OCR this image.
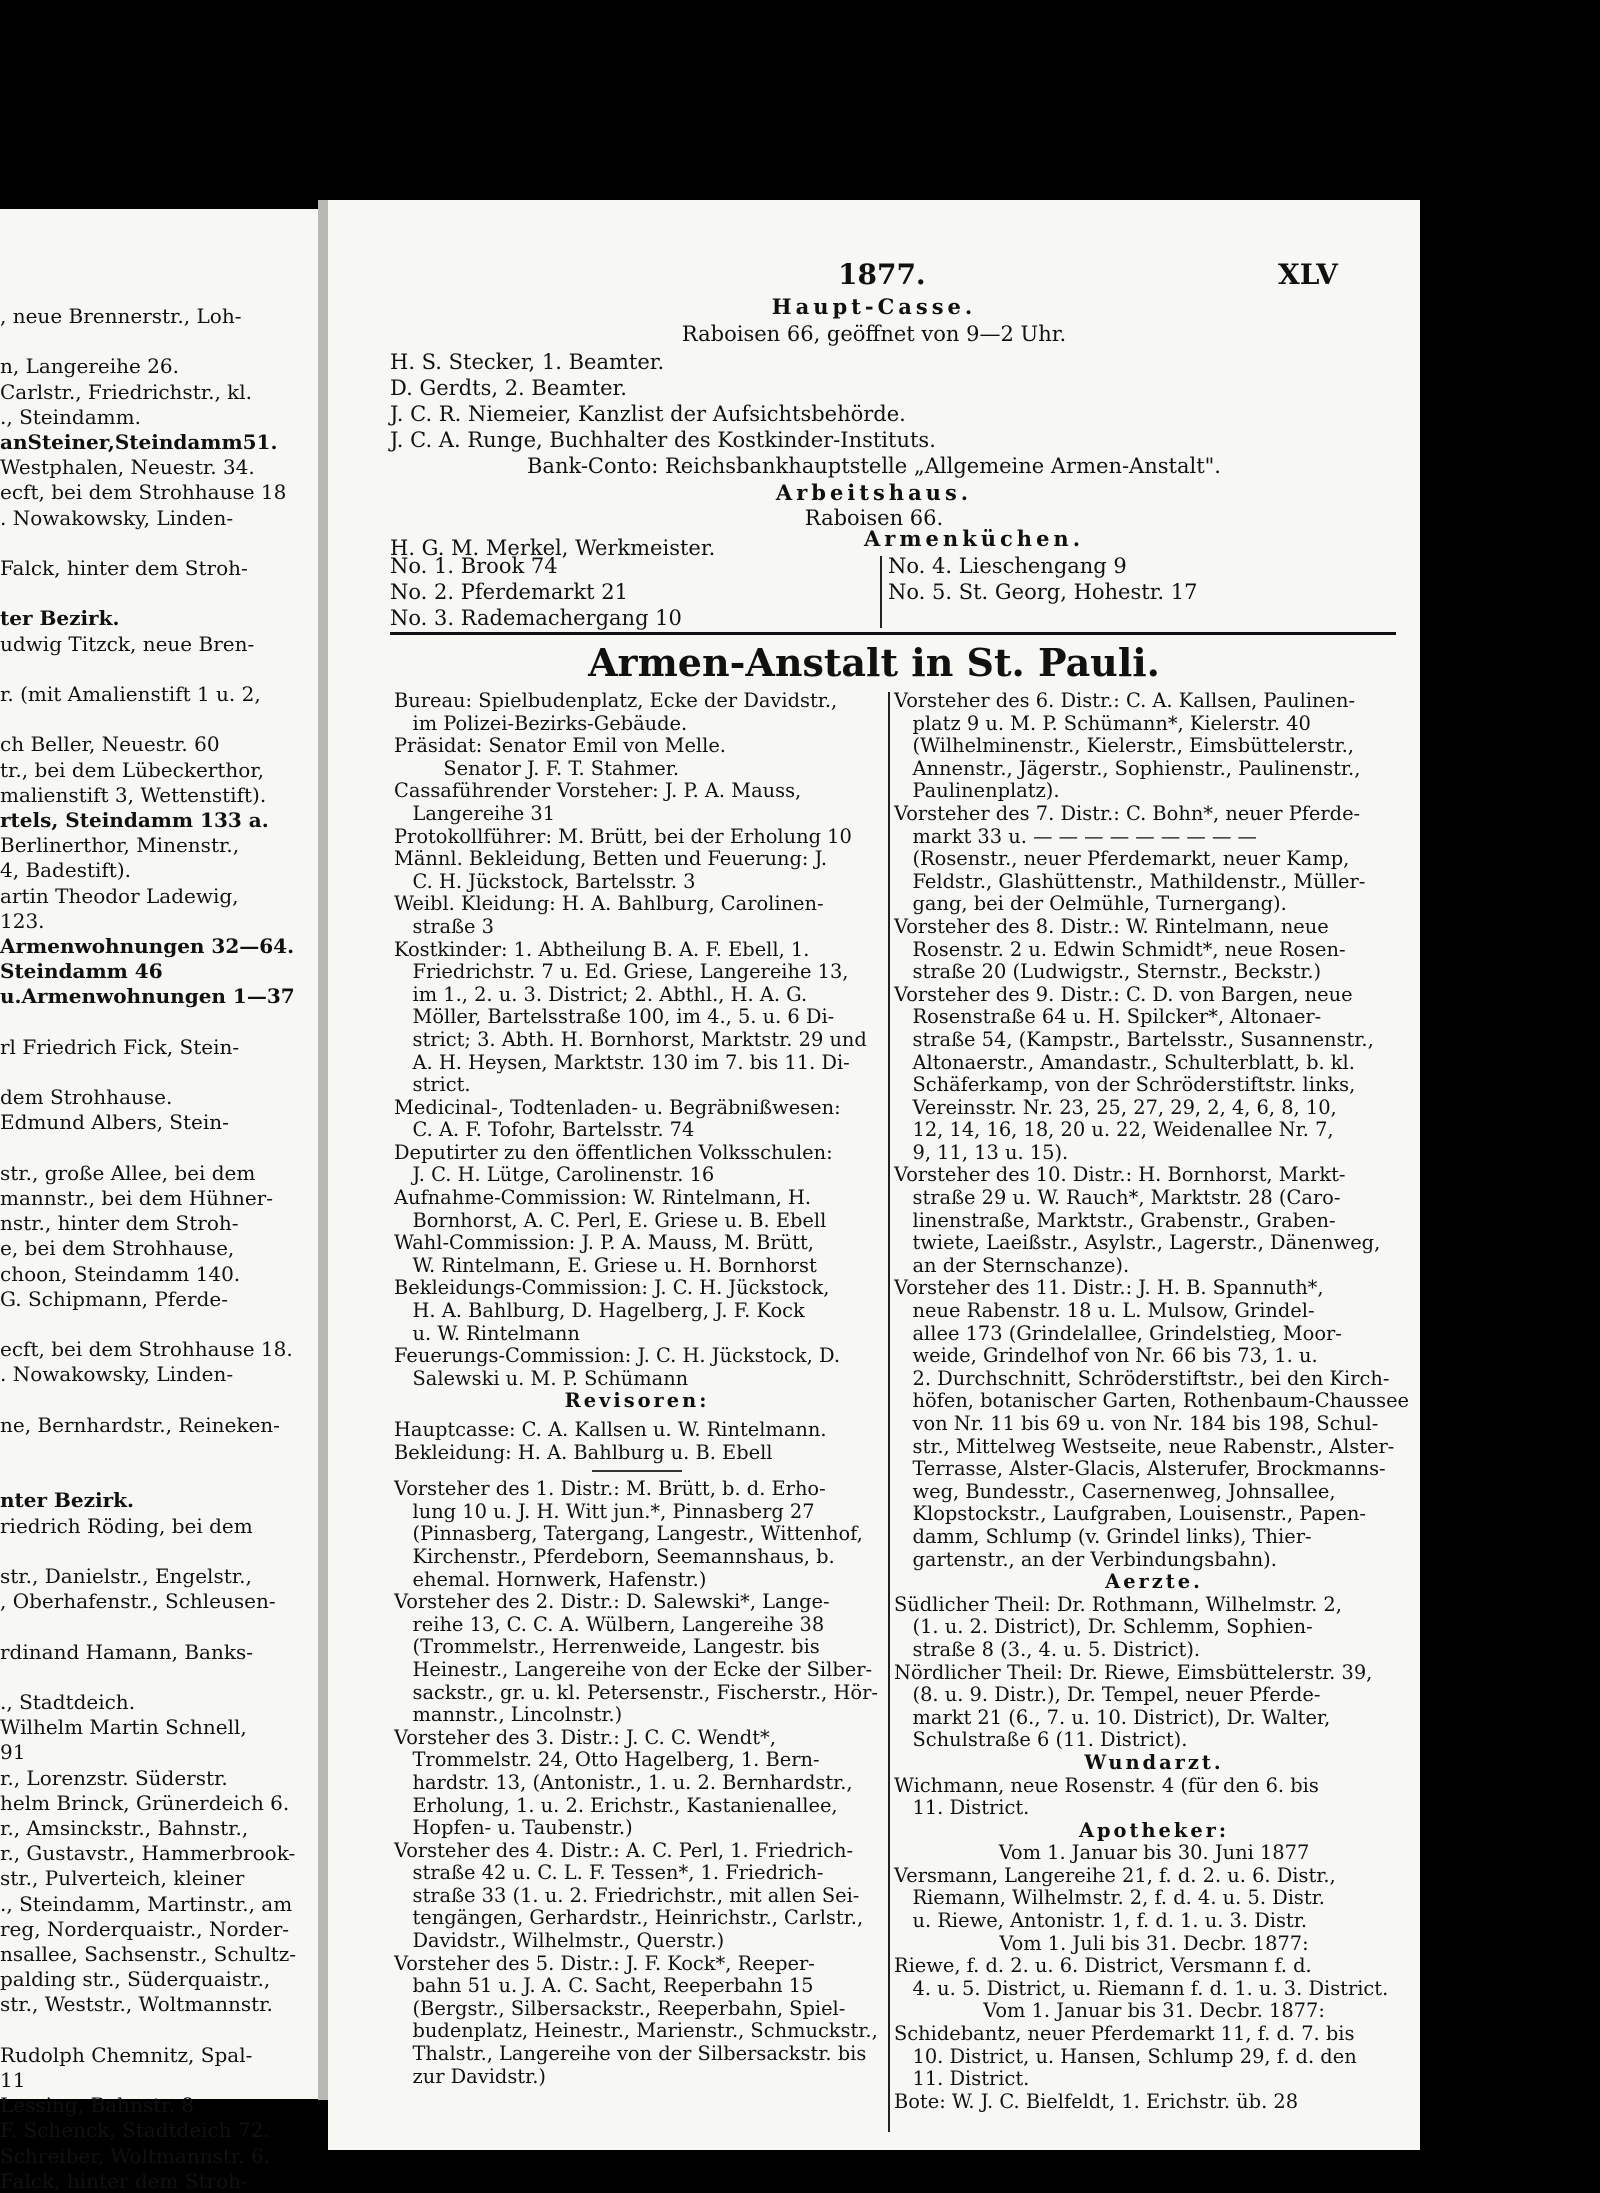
, neue Brennerstr., Loh-
n, Langereihe 26.
Carlstr., Friedrichstr., kl.
., Steindamm.
anSteiner,Steindamm51.
Westphalen, Neuestr. 34.
ecft, bei dem Strohhause 18
. Nowakowsky, Linden-
Falck, hinter dem Stroh-
ter Bezirk.
udwig Titzck, neue Bren-
r. (mit Amalienstift 1 u. 2,
ch Beller, Neuestr. 60
tr., bei dem Lübeckerthor,
malienstift 3, Wettenstift).
rtels, Steindamm 133 a.
Berlinerthor, Minenstr.,
4, Badestift).
artin Theodor Ladewig,
123.
Armenwohnungen 32—64.
Steindamm 46
u.Armenwohnungen 1—37
rl Friedrich Fick, Stein-
dem Strohhause.
Edmund Albers, Stein-
str., große Allee, bei dem
mannstr., bei dem Hühner-
nstr., hinter dem Stroh-
e, bei dem Strohhause,
choon, Steindamm 140.
G. Schipmann, Pferde-
ecft, bei dem Strohhause 18.
. Nowakowsky, Linden-
ne, Bernhardstr., Reineken-
nter Bezirk.
riedrich Röding, bei dem
str., Danielstr., Engelstr.,
, Oberhafenstr., Schleusen-
rdinand Hamann, Banks-
., Stadtdeich.
Wilhelm Martin Schnell,
91
r., Lorenzstr. Süderstr.
helm Brinck, Grünerdeich 6.
r., Amsinckstr., Bahnstr.,
r., Gustavstr., Hammerbrook-
str., Pulverteich, kleiner
., Steindamm, Martinstr., am
reg, Norderquaistr., Norder-
nsallee, Sachsenstr., Schultz-
palding str., Süderquaistr.,
str., Weststr., Woltmannstr.
Rudolph Chemnitz, Spal-
11
Lessing, Bahnstr. 8
F. Schenck, Stadtdeich 72.
Schreiber, Woltmannstr. 6.
Falck, hinter dem Stroh-
1877.	XLV
Haupt-Casse.
Raboisen 66, geöffnet von 9—2 Uhr.
H. S. Stecker, 1. Beamter.
D. Gerdts, 2. Beamter.
J. C. R. Niemeier, Kanzlist der Aufsichtsbehörde.
J. C. A. Runge, Buchhalter des Kostkinder-Instituts.
Bank-Conto: Reichsbankhauptstelle „Allgemeine Armen-Anstalt".
Arbeitshaus.
Raboisen 66.
H. G. M. Merkel, Werkmeister.	Armenküchen.
No. 1. Brook 74
No. 2. Pferdemarkt 21
No. 3. Rademachergang 10
No. 4. Lieschengang 9
No. 5. St. Georg, Hohestr. 17
Armen-Anstalt in St. Pauli.

Bureau: Spielbudenplatz, Ecke der Davidstr.,

im Polizei-Bezirks-Gebäude.

Präsidat: Senator Emil von Melle.

Senator J. F. T. Stahmer.

Cassaführender Vorsteher: J. P. A. Mauss,

Langereihe 31

Protokollführer: M. Brütt, bei der Erholung 10

Männl. Bekleidung, Betten und Feuerung: J.

C. H. Jückstock, Bartelsstr. 3

Weibl. Kleidung: H. A. Bahlburg, Carolinen-

straße 3

Kostkinder: 1. Abtheilung B. A. F. Ebell, 1.

Friedrichstr. 7 u. Ed. Griese, Langereihe 13,

im 1., 2. u. 3. District; 2. Abthl., H. A. G.

Möller, Bartelsstraße 100, im 4., 5. u. 6 Di-

strict; 3. Abth. H. Bornhorst, Marktstr. 29 und

A. H. Heysen, Marktstr. 130 im 7. bis 11. Di-

strict.

Medicinal-, Todtenladen- u. Begräbnißwesen:

C. A. F. Tofohr, Bartelsstr. 74

Deputirter zu den öffentlichen Volksschulen:

J. C. H. Lütge, Carolinenstr. 16

Aufnahme-Commission: W. Rintelmann, H.

Bornhorst, A. C. Perl, E. Griese u. B. Ebell

Wahl-Commission: J. P. A. Mauss, M. Brütt,

W. Rintelmann, E. Griese u. H. Bornhorst

Bekleidungs-Commission: J. C. H. Jückstock,

H. A. Bahlburg, D. Hagelberg, J. F. Kock

u. W. Rintelmann

Feuerungs-Commission: J. C. H. Jückstock, D.

Salewski u. M. P. Schümann

Revisoren:

Hauptcasse: C. A. Kallsen u. W. Rintelmann.

Bekleidung: H. A. Bahlburg u. B. Ebell

Vorsteher des 1. Distr.: M. Brütt, b. d. Erho-

lung 10 u. J. H. Witt jun.*, Pinnasberg 27

(Pinnasberg, Tatergang, Langestr., Wittenhof,

Kirchenstr., Pferdeborn, Seemannshaus, b.

ehemal. Hornwerk, Hafenstr.)

Vorsteher des 2. Distr.: D. Salewski*, Lange-

reihe 13, C. C. A. Wülbern, Langereihe 38

(Trommelstr., Herrenweide, Langestr. bis

Heinestr., Langereihe von der Ecke der Silber-

sackstr., gr. u. kl. Petersenstr., Fischerstr., Hör-

mannstr., Lincolnstr.)

Vorsteher des 3. Distr.: J. C. C. Wendt*,

Trommelstr. 24, Otto Hagelberg, 1. Bern-

hardstr. 13, (Antonistr., 1. u. 2. Bernhardstr.,

Erholung, 1. u. 2. Erichstr., Kastanienallee,

Hopfen- u. Taubenstr.)

Vorsteher des 4. Distr.: A. C. Perl, 1. Friedrich-

straße 42 u. C. L. F. Tessen*, 1. Friedrich-

straße 33 (1. u. 2. Friedrichstr., mit allen Sei-

tengängen, Gerhardstr., Heinrichstr., Carlstr.,

Davidstr., Wilhelmstr., Querstr.)

Vorsteher des 5. Distr.: J. F. Kock*, Reeper-

bahn 51 u. J. A. C. Sacht, Reeperbahn 15

(Bergstr., Silbersackstr., Reeperbahn, Spiel-

budenplatz, Heinestr., Marienstr., Schmuckstr.,

Thalstr., Langereihe von der Silbersackstr. bis

zur Davidstr.)

Vorsteher des 6. Distr.: C. A. Kallsen, Paulinen-

platz 9 u. M. P. Schümann*, Kielerstr. 40

(Wilhelminenstr., Kielerstr., Eimsbüttelerstr.,

Annenstr., Jägerstr., Sophienstr., Paulinenstr.,

Paulinenplatz).

Vorsteher des 7. Distr.: C. Bohn*, neuer Pferde-

markt 33 u. — — — — — — — — —

(Rosenstr., neuer Pferdemarkt, neuer Kamp,

Feldstr., Glashüttenstr., Mathildenstr., Müller-

gang, bei der Oelmühle, Turnergang).

Vorsteher des 8. Distr.: W. Rintelmann, neue

Rosenstr. 2 u. Edwin Schmidt*, neue Rosen-

straße 20 (Ludwigstr., Sternstr., Beckstr.)

Vorsteher des 9. Distr.: C. D. von Bargen, neue

Rosenstraße 64 u. H. Spilcker*, Altonaer-

straße 54, (Kampstr., Bartelsstr., Susannenstr.,

Altonaerstr., Amandastr., Schulterblatt, b. kl.

Schäferkamp, von der Schröderstiftstr. links,

Vereinsstr. Nr. 23, 25, 27, 29, 2, 4, 6, 8, 10,

12, 14, 16, 18, 20 u. 22, Weidenallee Nr. 7,

9, 11, 13 u. 15).

Vorsteher des 10. Distr.: H. Bornhorst, Markt-

straße 29 u. W. Rauch*, Marktstr. 28 (Caro-

linenstraße, Marktstr., Grabenstr., Graben-

twiete, Laeißstr., Asylstr., Lagerstr., Dänenweg,

an der Sternschanze).

Vorsteher des 11. Distr.: J. H. B. Spannuth*,

neue Rabenstr. 18 u. L. Mulsow, Grindel-

allee 173 (Grindelallee, Grindelstieg, Moor-

weide, Grindelhof von Nr. 66 bis 73, 1. u.

2. Durchschnitt, Schröderstiftstr., bei den Kirch-

höfen, botanischer Garten, Rothenbaum-Chaussee

von Nr. 11 bis 69 u. von Nr. 184 bis 198, Schul-

str., Mittelweg Westseite, neue Rabenstr., Alster-

Terrasse, Alster-Glacis, Alsterufer, Brockmanns-

weg, Bundesstr., Casernenweg, Johnsallee,

Klopstockstr., Laufgraben, Louisenstr., Papen-

damm, Schlump (v. Grindel links), Thier-

gartenstr., an der Verbindungsbahn).

Aerzte.

Südlicher Theil: Dr. Rothmann, Wilhelmstr. 2,

(1. u. 2. District), Dr. Schlemm, Sophien-

straße 8 (3., 4. u. 5. District).

Nördlicher Theil: Dr. Riewe, Eimsbüttelerstr. 39,

(8. u. 9. Distr.), Dr. Tempel, neuer Pferde-

markt 21 (6., 7. u. 10. District), Dr. Walter,

Schulstraße 6 (11. District).

Wundarzt.

Wichmann, neue Rosenstr. 4 (für den 6. bis

11. District.

Apotheker:

Vom 1. Januar bis 30. Juni 1877

Versmann, Langereihe 21, f. d. 2. u. 6. Distr.,

Riemann, Wilhelmstr. 2, f. d. 4. u. 5. Distr.

u. Riewe, Antonistr. 1, f. d. 1. u. 3. Distr.

Vom 1. Juli bis 31. Decbr. 1877:

Riewe, f. d. 2. u. 6. District, Versmann f. d.

4. u. 5. District, u. Riemann f. d. 1. u. 3. District.

Vom 1. Januar bis 31. Decbr. 1877:

Schidebantz, neuer Pferdemarkt 11, f. d. 7. bis

10. District, u. Hansen, Schlump 29, f. d. den

11. District.

Bote: W. J. C. Bielfeldt, 1. Erichstr. üb. 28
